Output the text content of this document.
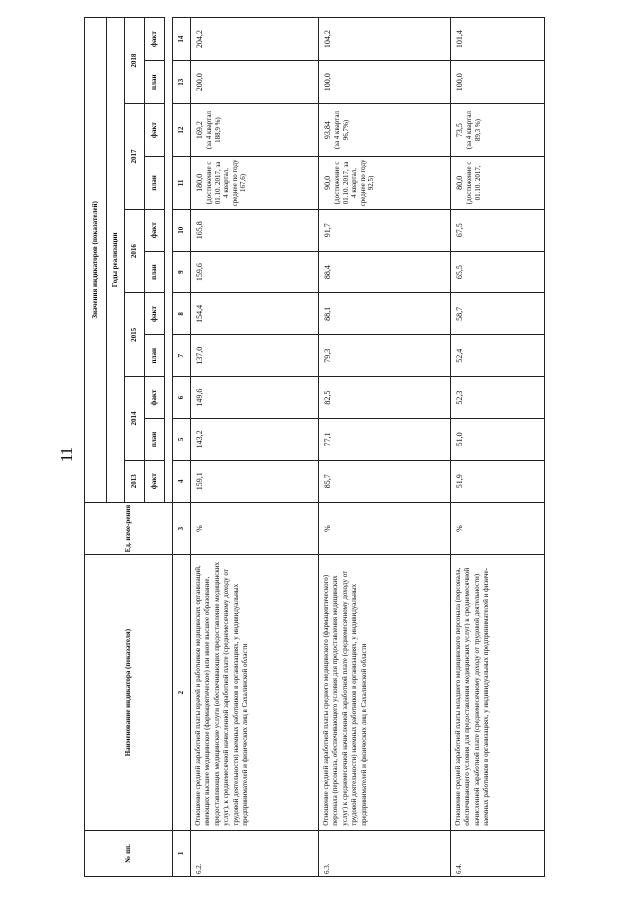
11
№ пп.	Наименование индикатора (показателя)	Ед. изме-рения	Значения индикаторов (показателей)										
			Годы реализации										
			2013	2014		2015		2016		2017		2018	
			факт	план	факт	план	факт	план	факт	план	факт	план	факт

1	2	3	4	5	6	7	8	9	10	11	12	13	14
6.2.	Отношение средней заработной платы врачей и работников медицинских организаций, имеющих высшее медицинское (фармацевтическое) или иное высшее образование, предоставляющих медицинские услуги (обеспечивающих предоставление медицинских услуг), к среднемесячной начисленной заработной плате (среднемесячному доходу от трудовой деятельности) наемных работников в организациях, у индивидуальных предпринимателей и физических лиц в Сахалинской области	%	159,1	143,2	149,6	137,0	154,4	159,6	165,8	180,0 (достижение с 01.10. 2017, за 4 квартал, среднее по году 167,6)	169,2 (за 4 квартал 188,9 %)	200,0	204,2
6.3.	Отношение средней заработной платы среднего медицинского (фармацевтического) персонала (персонала, обеспечивающего условия для предоставления медицинских услуг) к среднемесячной начисленной заработной плате (среднемесячному доходу от трудовой деятельности) наемных работников в организациях, у индивидуальных предпринимателей и физических лиц в Сахалинской области	%	85,7	77,1	82,5	79,3	88,1	88,4	91,7	90,0 (достижение с 01.10. 2017, за 4 квартал, среднее по году 92,5)	93,84 (за 4 квартал 96,7%)	100,0	104,2
6.4.	Отношение средней заработной платы младшего медицинского персонала (персонала, обеспечивающего условия для предоставления медицинских услуг) к среднемесячной начисленной заработной плате (среднемесячному доходу от трудовой деятельности) наемных работников в организациях, у индивидуальных предпринимателей и физиче-	%	51,9	51,0	52,3	52,4	58,7	65,5	67,5	80,0 (достижение с 01.10. 2017,	73,5 (за 4 квартал 89,3 %)	100,0	101,4
